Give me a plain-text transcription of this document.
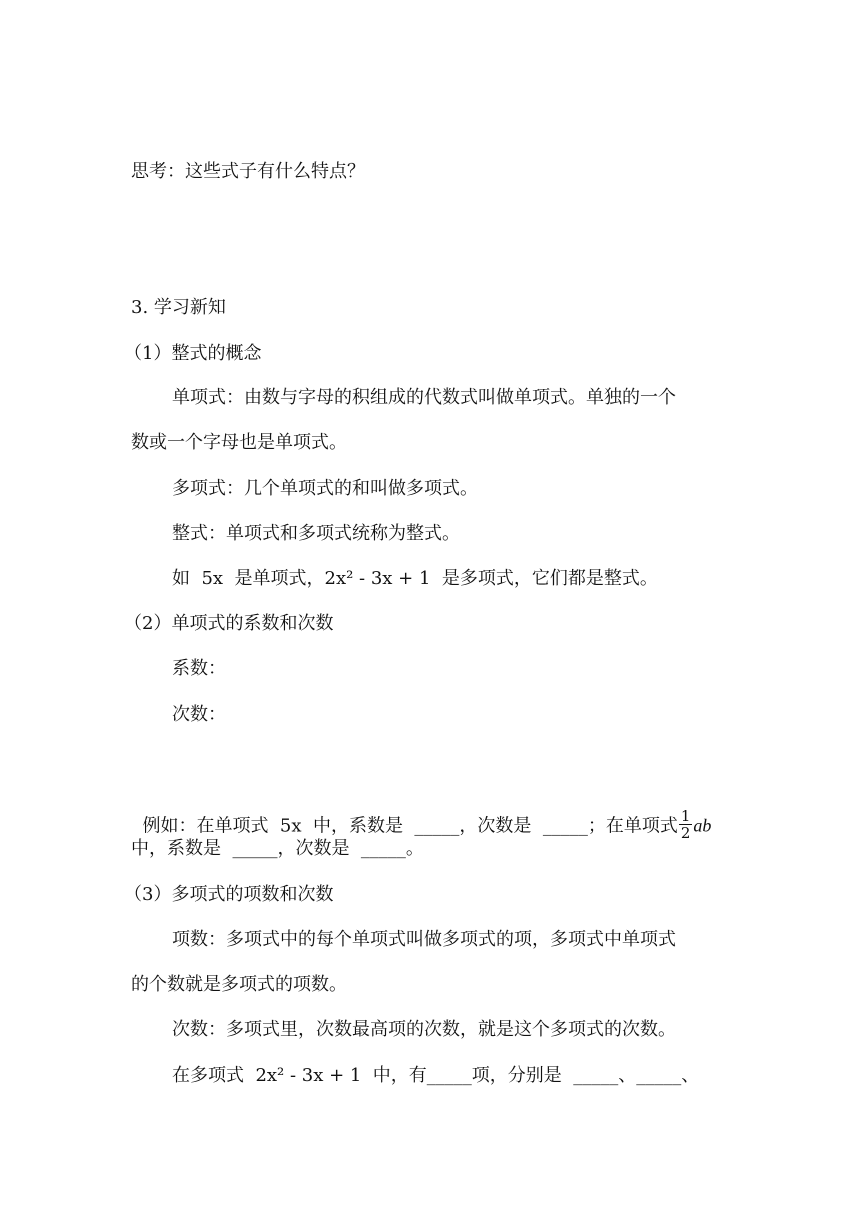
思考：这些式子有什么特点？
3. 学习新知
（1）整式的概念
单项式：由数与字母的积组成的代数式叫做单项式。单独的一个
数或一个字母也是单项式。
多项式：几个单项式的和叫做多项式。
整式：单项式和多项式统称为整式。
如  5x  是单项式，2x² - 3x + 1  是多项式，它们都是整式。
（2）单项式的系数和次数
系数：
次数：

例如：在单项式  5x  中，系数是  _____，次数是  _____；在单项式 $\frac{1}{2}$ ab

中，系数是  _____，次数是  _____。
（3）多项式的项数和次数
项数：多项式中的每个单项式叫做多项式的项，多项式中单项式
的个数就是多项式的项数。
次数：多项式里，次数最高项的次数，就是这个多项式的次数。
在多项式  2x² - 3x + 1  中，有_____项，分别是  _____、_____、
